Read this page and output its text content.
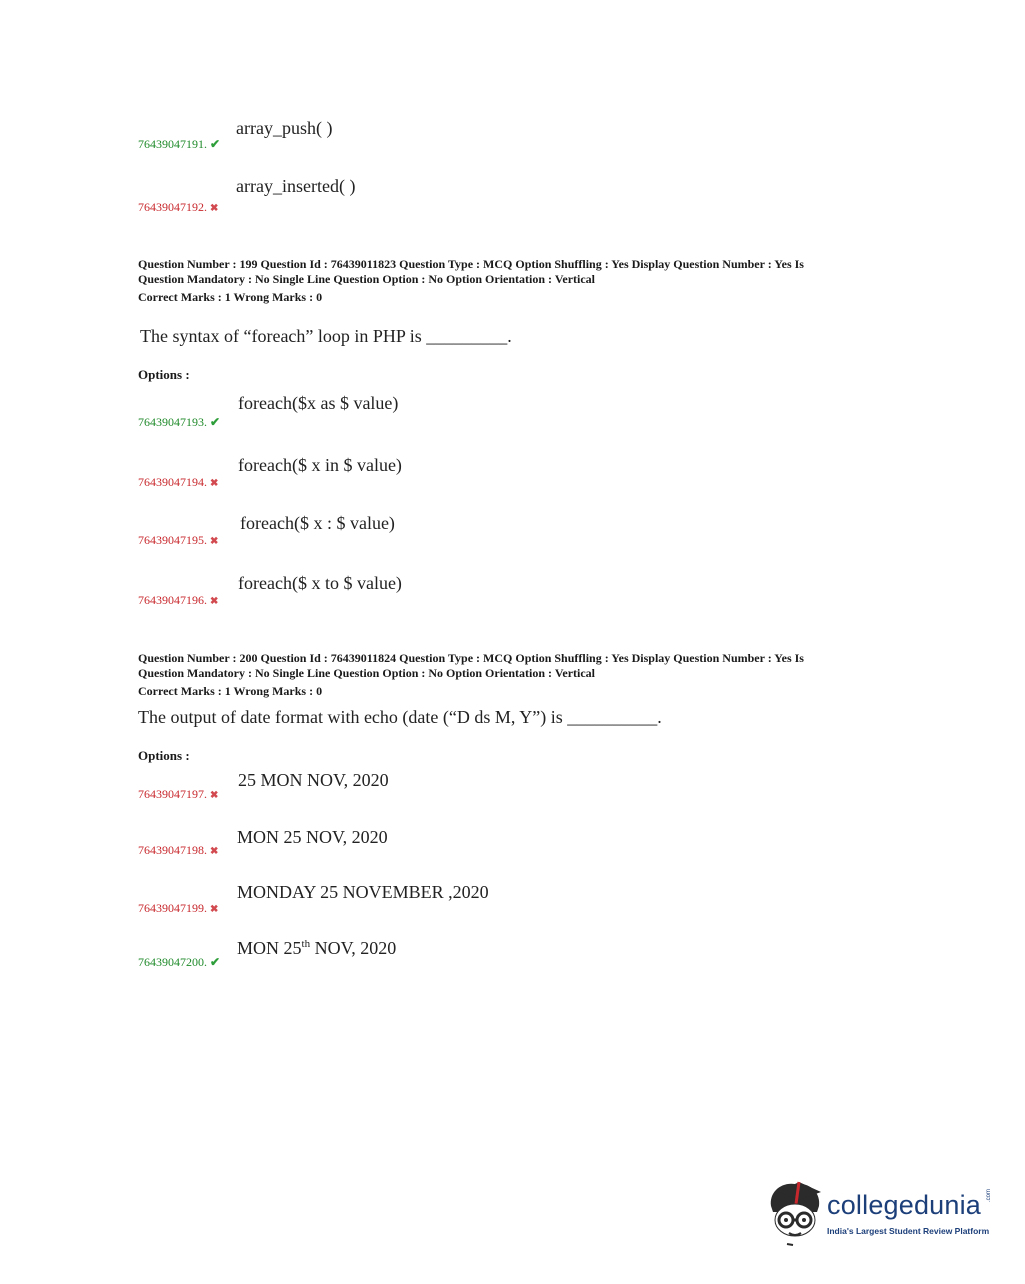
array_push( )
76439047191. ✔
array_inserted( )
76439047192. ✖
Question Number : 199 Question Id : 76439011823 Question Type : MCQ Option Shuffling : Yes Display Question Number : Yes Is
Question Mandatory : No Single Line Question Option : No Option Orientation : Vertical
Correct Marks : 1 Wrong Marks : 0
The syntax of “foreach” loop in PHP is _________.
Options :
foreach($x as $ value)
76439047193. ✔
foreach($ x in $ value)
76439047194. ✖
foreach($ x : $ value)
76439047195. ✖
foreach($ x to $ value)
76439047196. ✖
Question Number : 200 Question Id : 76439011824 Question Type : MCQ Option Shuffling : Yes Display Question Number : Yes Is
Question Mandatory : No Single Line Question Option : No Option Orientation : Vertical
Correct Marks : 1 Wrong Marks : 0
The output of date format with echo (date (“D ds M, Y”) is __________.
Options :
25 MON NOV, 2020
76439047197. ✖
MON 25 NOV, 2020
76439047198. ✖
MONDAY 25 NOVEMBER ,2020
76439047199. ✖
MON 25th NOV, 2020
76439047200. ✔
collegedunia .com
India's Largest Student Review Platform
